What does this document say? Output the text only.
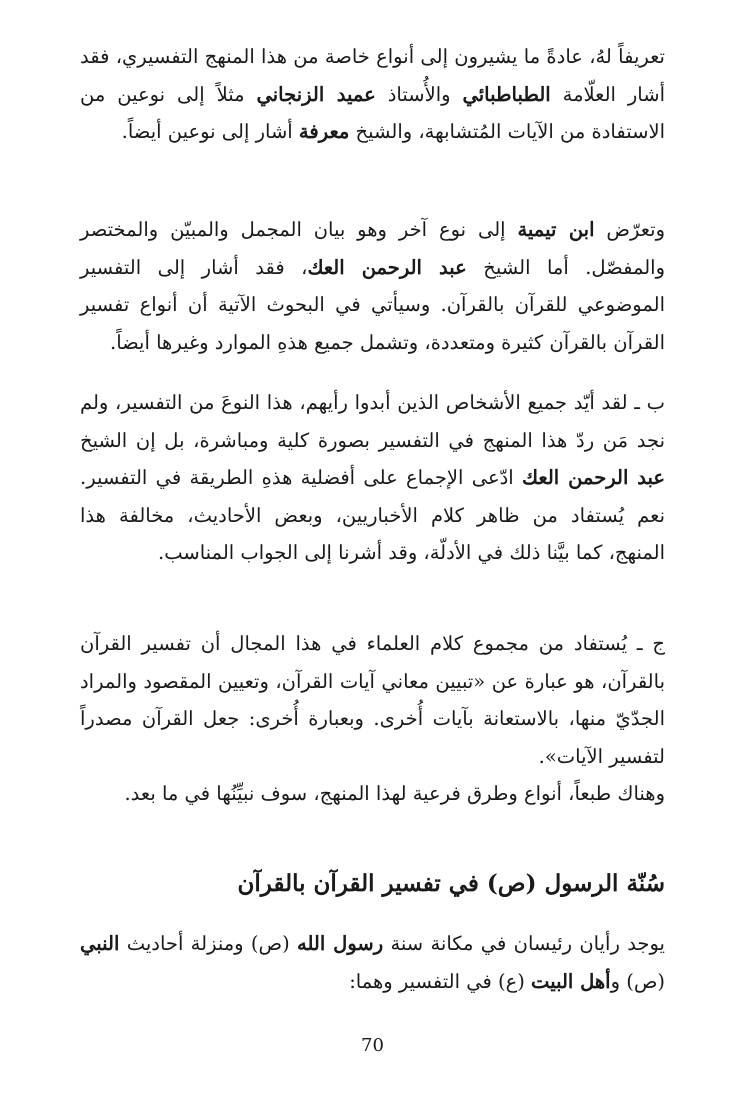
تعريفاً لهُ، عادةً ما يشيرون إلى أنواع خاصة من هذا المنهج التفسيري، فقد أشار العلّامة الطباطبائي والأُستاذ عميد الزنجاني مثلاً إلى نوعين من الاستفادة من الآيات المُتشابهة، والشيخ معرفة أشار إلى نوعين أيضاً.

وتعرّض ابن تيمية إلى نوع آخر وهو بيان المجمل والمبيّن والمختصر والمفصّل. أما الشيخ عبد الرحمن العك، فقد أشار إلى التفسير الموضوعي للقرآن بالقرآن. وسيأتي في البحوث الآتية أن أنواع تفسير القرآن بالقرآن كثيرة ومتعددة، وتشمل جميع هذهِ الموارد وغيرها أيضاً.

ب ـ لقد أيّد جميع الأشخاص الذين أبدوا رأيهم، هذا النوعَ من التفسير، ولم نجد مَن ردّ هذا المنهج في التفسير بصورة كلية ومباشرة، بل إن الشيخ عبد الرحمن العك ادّعى الإجماع على أفضلية هذهِ الطريقة في التفسير. نعم يُستفاد من ظاهر كلام الأخباريين، وبعض الأحاديث، مخالفة هذا المنهج، كما بيَّنا ذلك في الأدلّة، وقد أشرنا إلى الجواب المناسب.

ج ـ يُستفاد من مجموع كلام العلماء في هذا المجال أن تفسير القرآن بالقرآن، هو عبارة عن «تبيين معاني آيات القرآن، وتعيين المقصود والمراد الجدّيّ منها، بالاستعانة بآيات أُخرى. وبعبارة أُخرى: جعل القرآن مصدراً لتفسير الآيات».

وهناك طبعاً، أنواع وطرق فرعية لهذا المنهج، سوف نبيِّنُها في ما بعد.

سُنّة الرسول (ص) في تفسير القرآن بالقرآن

يوجد رأيان رئيسان في مكانة سنة رسول الله (ص) ومنزلة أحاديث النبي (ص) وأهل البيت (ع) في التفسير وهما:

70
